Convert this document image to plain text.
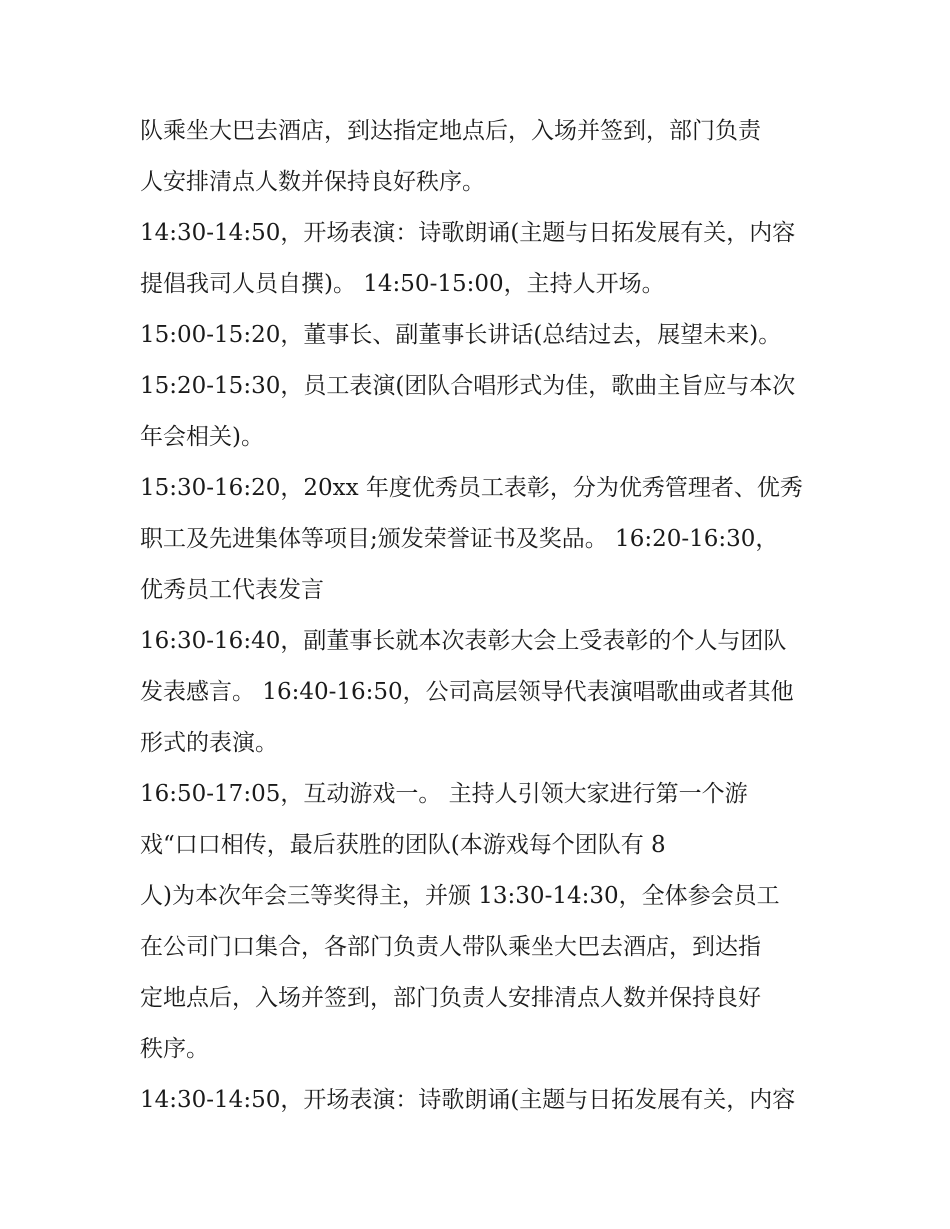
队乘坐大巴去酒店，到达指定地点后，入场并签到，部门负责
人安排清点人数并保持良好秩序。
14:30-14:50，开场表演：诗歌朗诵(主题与日拓发展有关，内容
提倡我司人员自撰)。 14:50-15:00，主持人开场。
15:00-15:20，董事长、副董事长讲话(总结过去，展望未来)。
15:20-15:30，员工表演(团队合唱形式为佳，歌曲主旨应与本次
年会相关)。
15:30-16:20，20xx 年度优秀员工表彰，分为优秀管理者、优秀
职工及先进集体等项目;颁发荣誉证书及奖品。 16:20-16:30，
优秀员工代表发言
16:30-16:40，副董事长就本次表彰大会上受表彰的个人与团队
发表感言。 16:40-16:50，公司高层领导代表演唱歌曲或者其他
形式的表演。
16:50-17:05，互动游戏一。 主持人引领大家进行第一个游
戏“口口相传，最后获胜的团队(本游戏每个团队有 8
人)为本次年会三等奖得主，并颁 13:30-14:30，全体参会员工
在公司门口集合，各部门负责人带队乘坐大巴去酒店，到达指
定地点后，入场并签到，部门负责人安排清点人数并保持良好
秩序。
14:30-14:50，开场表演：诗歌朗诵(主题与日拓发展有关，内容
